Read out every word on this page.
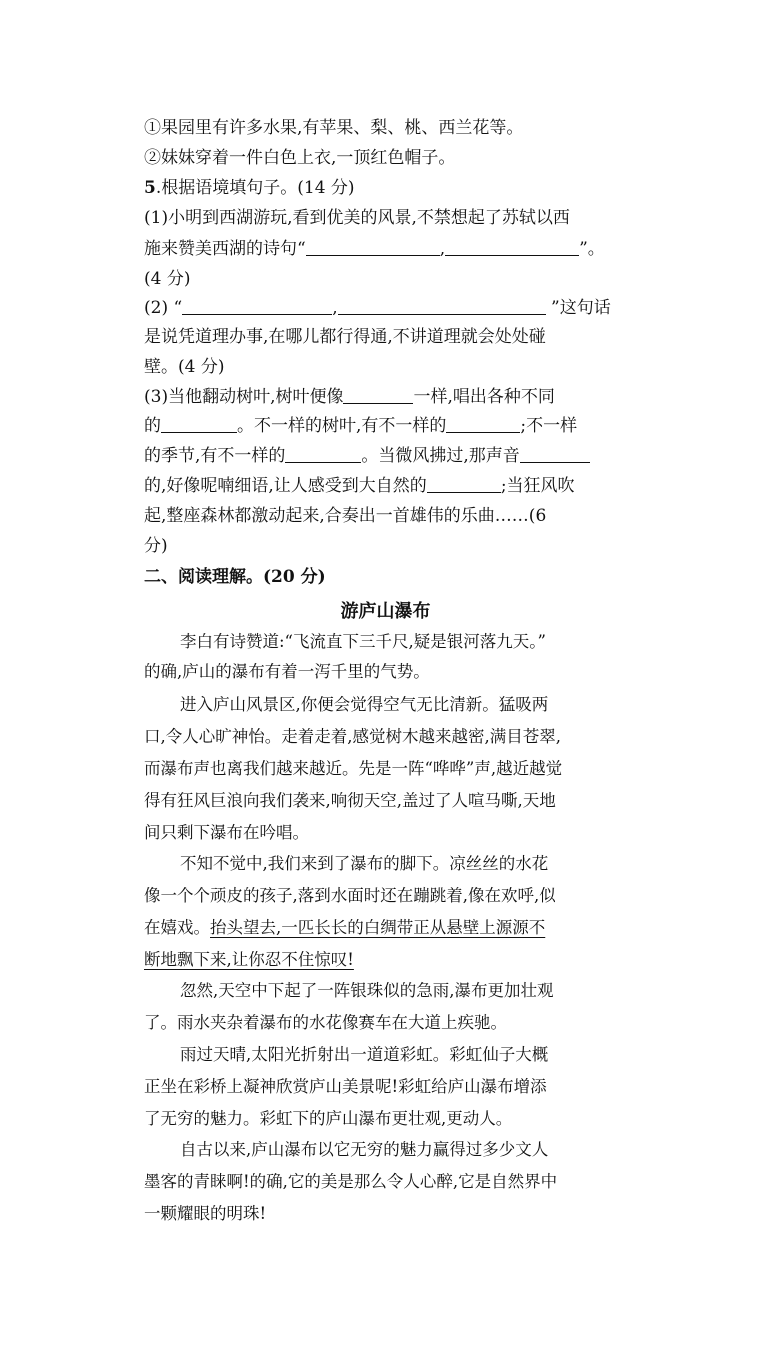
①果园里有许多水果,有苹果、梨、桃、西兰花等。
②妹妹穿着一件白色上衣,一顶红色帽子。
5.根据语境填句子。(14 分)
(1)小明到西湖游玩,看到优美的风景,不禁想起了苏轼以西
施来赞美西湖的诗句“	,	”。
(4 分)
(2) “	,	”这句话
是说凭道理办事,在哪儿都行得通,不讲道理就会处处碰
壁。(4 分)
(3)当他翻动树叶,树叶便像	一样,唱出各种不同
的	。不一样的树叶,有不一样的	;不一样
的季节,有不一样的	。当微风拂过,那声音
的,好像呢喃细语,让人感受到大自然的	;当狂风吹
起,整座森林都激动起来,合奏出一首雄伟的乐曲……(6
分)
二、阅读理解。(20 分)
游庐山瀑布
李白有诗赞道:“飞流直下三千尺,疑是银河落九天。”
的确,庐山的瀑布有着一泻千里的气势。
进入庐山风景区,你便会觉得空气无比清新。猛吸两
口,令人心旷神怡。走着走着,感觉树木越来越密,满目苍翠,
而瀑布声也离我们越来越近。先是一阵“哗哗”声,越近越觉
得有狂风巨浪向我们袭来,响彻天空,盖过了人喧马嘶,天地
间只剩下瀑布在吟唱。
不知不觉中,我们来到了瀑布的脚下。凉丝丝的水花
像一个个顽皮的孩子,落到水面时还在蹦跳着,像在欢呼,似
在嬉戏。抬头望去,一匹长长的白绸带正从悬壁上源源不
断地飘下来,让你忍不住惊叹!
忽然,天空中下起了一阵银珠似的急雨,瀑布更加壮观
了。雨水夹杂着瀑布的水花像赛车在大道上疾驰。
雨过天晴,太阳光折射出一道道彩虹。彩虹仙子大概
正坐在彩桥上凝神欣赏庐山美景呢!彩虹给庐山瀑布增添
了无穷的魅力。彩虹下的庐山瀑布更壮观,更动人。
自古以来,庐山瀑布以它无穷的魅力赢得过多少文人
墨客的青睐啊!的确,它的美是那么令人心醉,它是自然界中
一颗耀眼的明珠!
